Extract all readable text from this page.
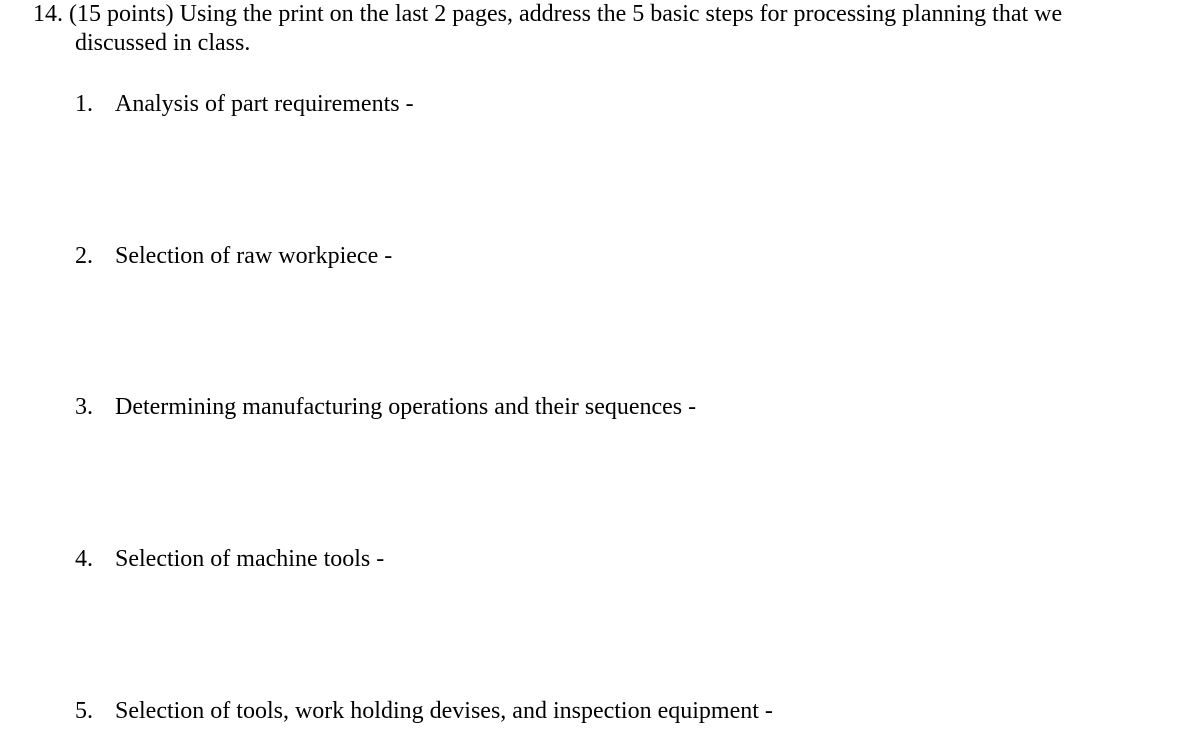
14. (15 points) Using the print on the last 2 pages, address the 5 basic steps for processing planning that we
discussed in class.
1. Analysis of part requirements -
2. Selection of raw workpiece -
3. Determining manufacturing operations and their sequences -
4. Selection of machine tools -
5. Selection of tools, work holding devises, and inspection equipment -
